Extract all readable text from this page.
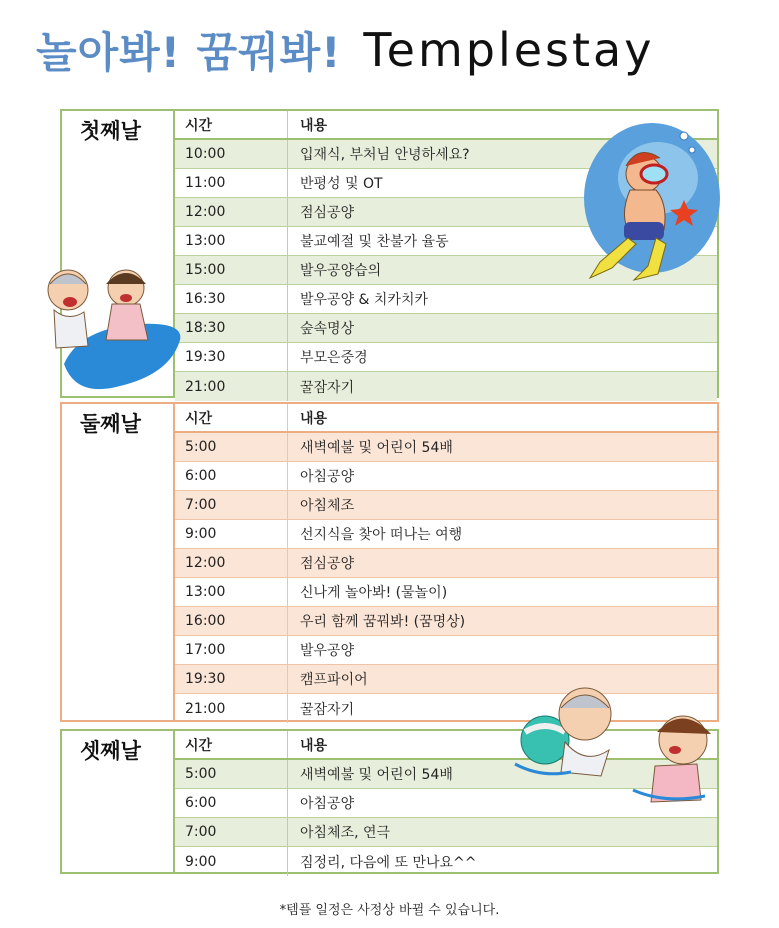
놀아봐! 꿈꿔봐! Templestay
첫째날	시간	내용
10:00	입재식, 부처님 안녕하세요?
11:00	반평성 및 OT
12:00	점심공양
13:00	불교예절 및 찬불가 율동
15:00	발우공양습의
16:30	발우공양 & 치카치카
18:30	숲속명상
19:30	부모은중경
21:00	꿀잠자기
둘째날	시간	내용
5:00	새벽예불 및 어린이 54배
6:00	아침공양
7:00	아침체조
9:00	선지식을 찾아 떠나는 여행
12:00	점심공양
13:00	신나게 놀아봐! (물놀이)
16:00	우리 함께 꿈꿔봐! (꿈명상)
17:00	발우공양
19:30	캠프파이어
21:00	꿀잠자기
셋째날	시간	내용
5:00	새벽예불 및 어린이 54배
6:00	아침공양
7:00	아침체조, 연극
9:00	짐정리, 다음에 또 만나요^^
*템플 일정은 사정상 바뀔 수 있습니다.
